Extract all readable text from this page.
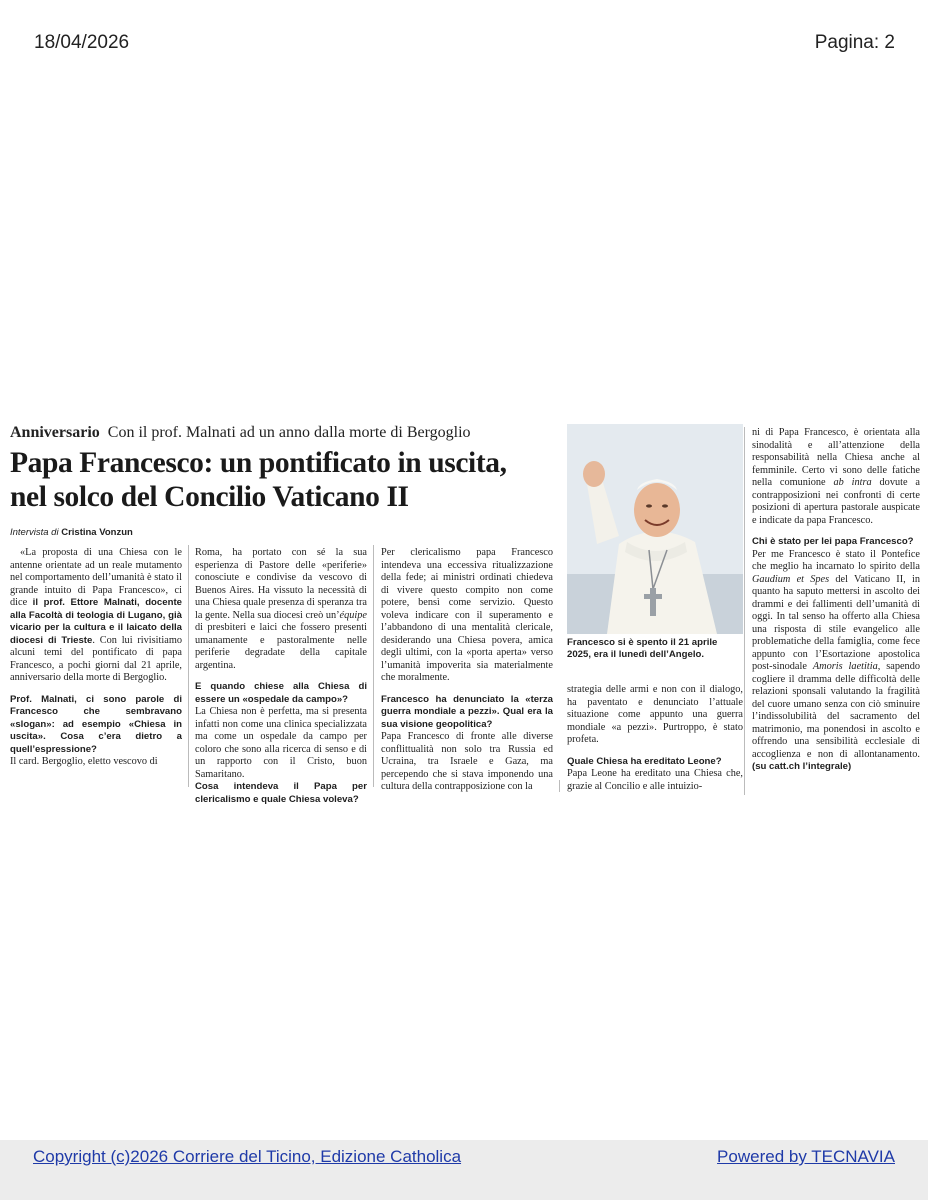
18/04/2026	Pagina: 2
Anniversario Con il prof. Malnati ad un anno dalla morte di Bergoglio
Papa Francesco: un pontificato in uscita,
nel solco del Concilio Vaticano II
Intervista di Cristina Vonzun

«La proposta di una Chiesa con le antenne orientate ad un reale mutamento nel comportamento dell’umanità è stato il grande intuito di Papa Francesco», ci dice il prof. Ettore Malnati, docente alla Facoltà di teologia di Lugano, già vicario per la cultura e il laicato della diocesi di Trieste. Con lui rivisitiamo alcuni temi del pontificato di papa Francesco, a pochi giorni dal 21 aprile, anniversario della morte di Bergoglio.

Prof. Malnati, ci sono parole di Francesco che sembravano «slogan»: ad esempio «Chiesa in uscita». Cosa c’era dietro a quell’espressione?

Il card. Bergoglio, eletto vescovo di

Roma, ha portato con sé la sua esperienza di Pastore delle «periferie» conosciute e condivise da vescovo di Buenos Aires. Ha vissuto la necessità di una Chiesa quale presenza di speranza tra la gente. Nella sua diocesi creò un’équipe di presbiteri e laici che fossero presenti umanamente e pastoralmente nelle periferie degradate della capitale argentina.

E quando chiese alla Chiesa di essere un «ospedale da campo»?

La Chiesa non è perfetta, ma si presenta infatti non come una clinica specializzata ma come un ospedale da campo per coloro che sono alla ricerca di senso e di un rapporto con il Cristo, buon Samaritano.

Cosa intendeva il Papa per clericalismo e quale Chiesa voleva?

Per clericalismo papa Francesco intendeva una eccessiva ritualizzazione della fede; ai ministri ordinati chiedeva di vivere questo compito non come potere, bensì come servizio. Questo voleva indicare con il superamento e l’abbandono di una mentalità clericale, desiderando una Chiesa povera, amica degli ultimi, con la «porta aperta» verso l’umanità impoverita sia materialmente che moralmente.

Francesco ha denunciato la «terza guerra mondiale a pezzi». Qual era la sua visione geopolitica?

Papa Francesco di fronte alle diverse conflittualità non solo tra Russia ed Ucraina, tra Israele e Gaza, ma percependo che si stava imponendo una cultura della contrapposizione con la

Francesco si è spento il 21 aprile 2025, era il lunedì dell’Angelo.

strategia delle armi e non con il dialogo, ha paventato e denunciato l’attuale situazione come appunto una guerra mondiale «a pezzi». Purtroppo, è stato profeta.

Quale Chiesa ha ereditato Leone?

Papa Leone ha ereditato una Chiesa che, grazie al Concilio e alle intuizio-

ni di Papa Francesco, è orientata alla sinodalità e all’attenzione della responsabilità nella Chiesa anche al femminile. Certo vi sono delle fatiche nella comunione ab intra dovute a contrapposizioni nei confronti di certe posizioni di apertura pastorale auspicate e indicate da papa Francesco.

Chi è stato per lei papa Francesco?

Per me Francesco è stato il Pontefice che meglio ha incarnato lo spirito della Gaudium et Spes del Vaticano II, in quanto ha saputo mettersi in ascolto dei drammi e dei fallimenti dell’umanità di oggi. In tal senso ha offerto alla Chiesa una risposta di stile evangelico alle problematiche della famiglia, come fece appunto con l’Esortazione apostolica post-sinodale Amoris laetitia, sapendo cogliere il dramma delle difficoltà delle relazioni sponsali valutando la fragilità del cuore umano senza con ciò sminuire l’indissolubilità del sacramento del matrimonio, ma ponendosi in ascolto e offrendo una sensibilità ecclesiale di accoglienza e non di allontanamento. (su catt.ch l’integrale)

Copyright (c)2026 Corriere del Ticino, Edizione Catholica	Powered by TECNAVIA
